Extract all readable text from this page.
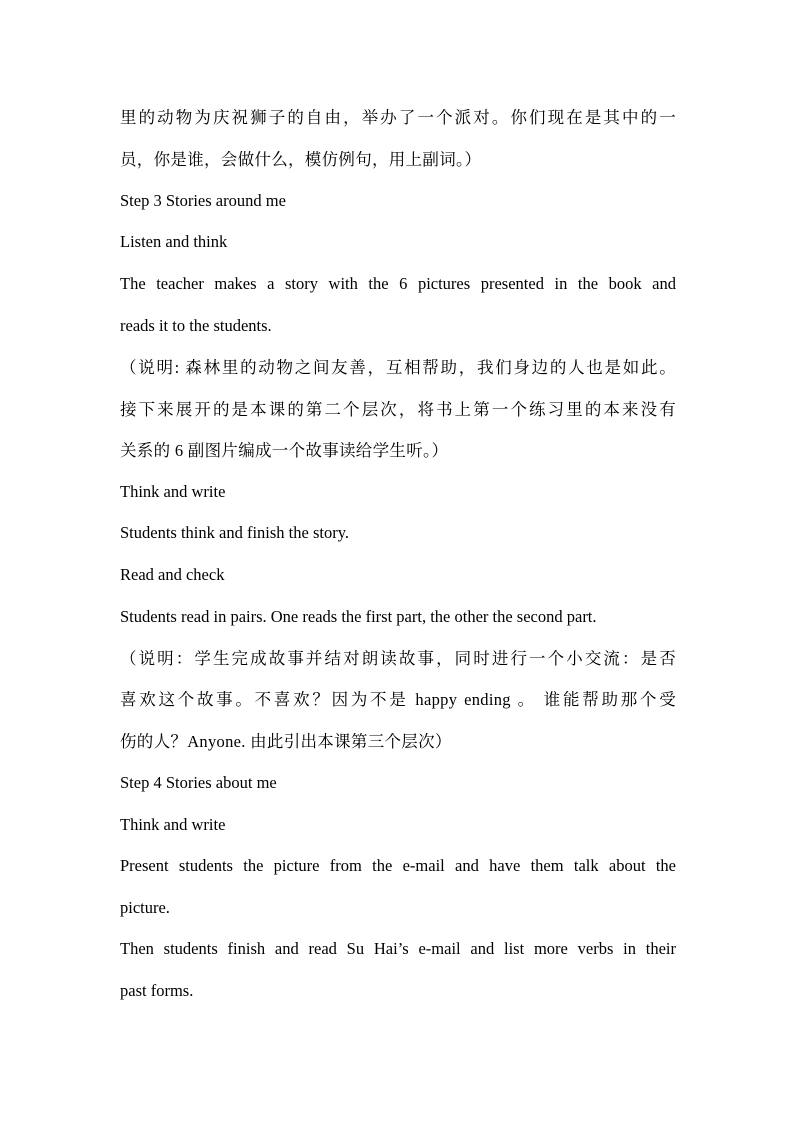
里的动物为庆祝狮子的自由，举办了一个派对。你们现在是其中的一
员，你是谁，会做什么，模仿例句，用上副词。）
Step 3 Stories around me
Listen and think
The teacher makes a story with the 6 pictures presented in the book and
reads it to the students.
（说明: 森林里的动物之间友善，互相帮助，我们身边的人也是如此。
接下来展开的是本课的第二个层次，将书上第一个练习里的本来没有
关系的 6 副图片编成一个故事读给学生听。）
Think and write
Students think and finish the story.
Read and check
Students read in pairs. One reads the first part, the other the second part.
（说明：学生完成故事并结对朗读故事，同时进行一个小交流：是否
喜欢这个故事。不喜欢？因为不是 happy ending 。 谁能帮助那个受
伤的人？Anyone. 由此引出本课第三个层次）
Step 4 Stories about me
Think and write
Present students the picture from the e-mail and have them talk about the
picture.
Then students finish and read Su Hai’s e-mail and list more verbs in their
past forms.
